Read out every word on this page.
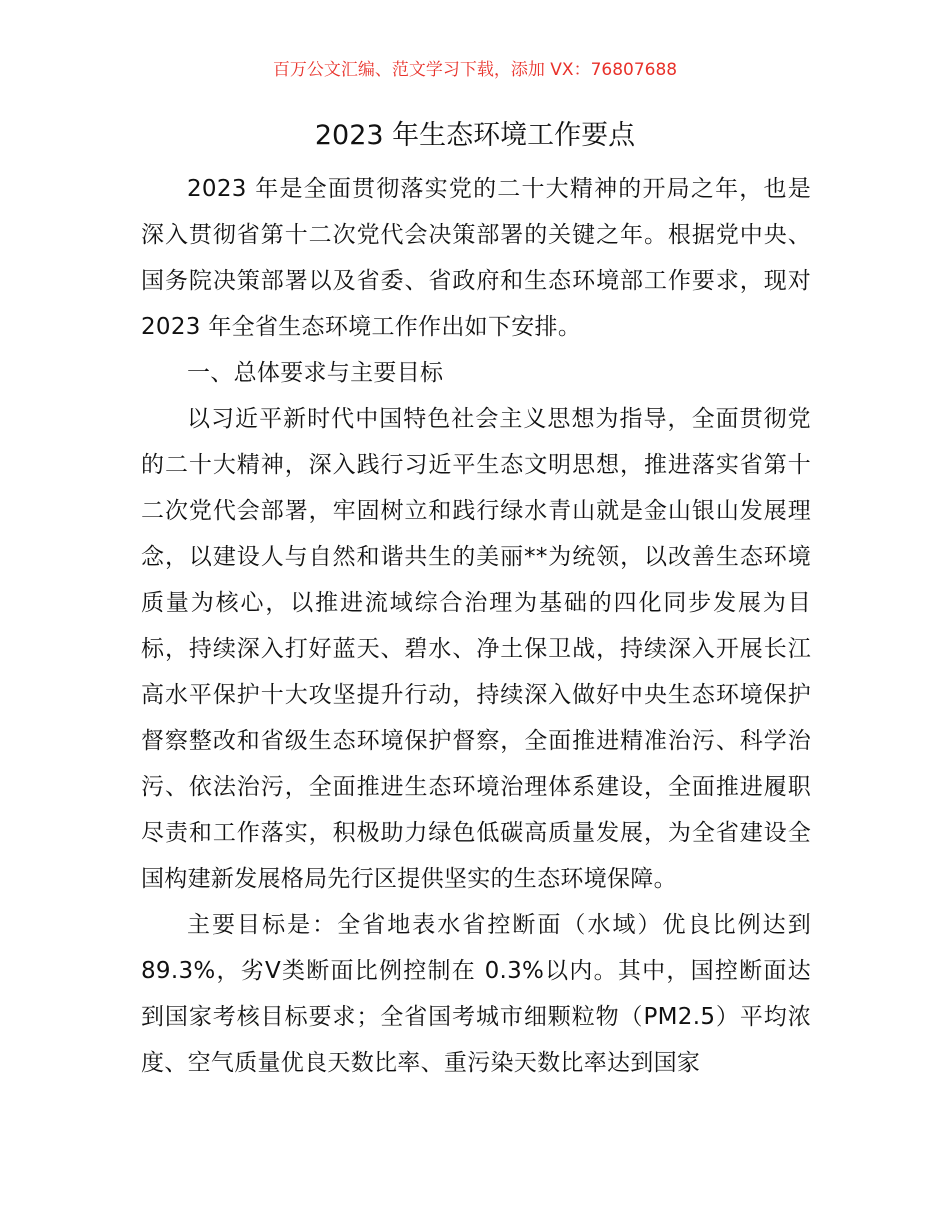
百万公文汇编、范文学习下载，添加 VX：76807688
2023 年生态环境工作要点

2023 年是全面贯彻落实党的二十大精神的开局之年，也是深入贯彻省第十二次党代会决策部署的关键之年。根据党中央、国务院决策部署以及省委、省政府和生态环境部工作要求，现对 2023 年全省生态环境工作作出如下安排。

一、总体要求与主要目标

以习近平新时代中国特色社会主义思想为指导，全面贯彻党的二十大精神，深入践行习近平生态文明思想，推进落实省第十二次党代会部署，牢固树立和践行绿水青山就是金山银山发展理念，以建设人与自然和谐共生的美丽**为统领，以改善生态环境质量为核心，以推进流域综合治理为基础的四化同步发展为目标，持续深入打好蓝天、碧水、净土保卫战，持续深入开展长江高水平保护十大攻坚提升行动，持续深入做好中央生态环境保护督察整改和省级生态环境保护督察，全面推进精准治污、科学治污、依法治污，全面推进生态环境治理体系建设，全面推进履职尽责和工作落实，积极助力绿色低碳高质量发展，为全省建设全国构建新发展格局先行区提供坚实的生态环境保障。

主要目标是：全省地表水省控断面（水域）优良比例达到 89.3%，劣V类断面比例控制在 0.3%以内。其中，国控断面达到国家考核目标要求；全省国考城市细颗粒物（PM2.5）平均浓度、空气质量优良天数比率、重污染天数比率达到国家
